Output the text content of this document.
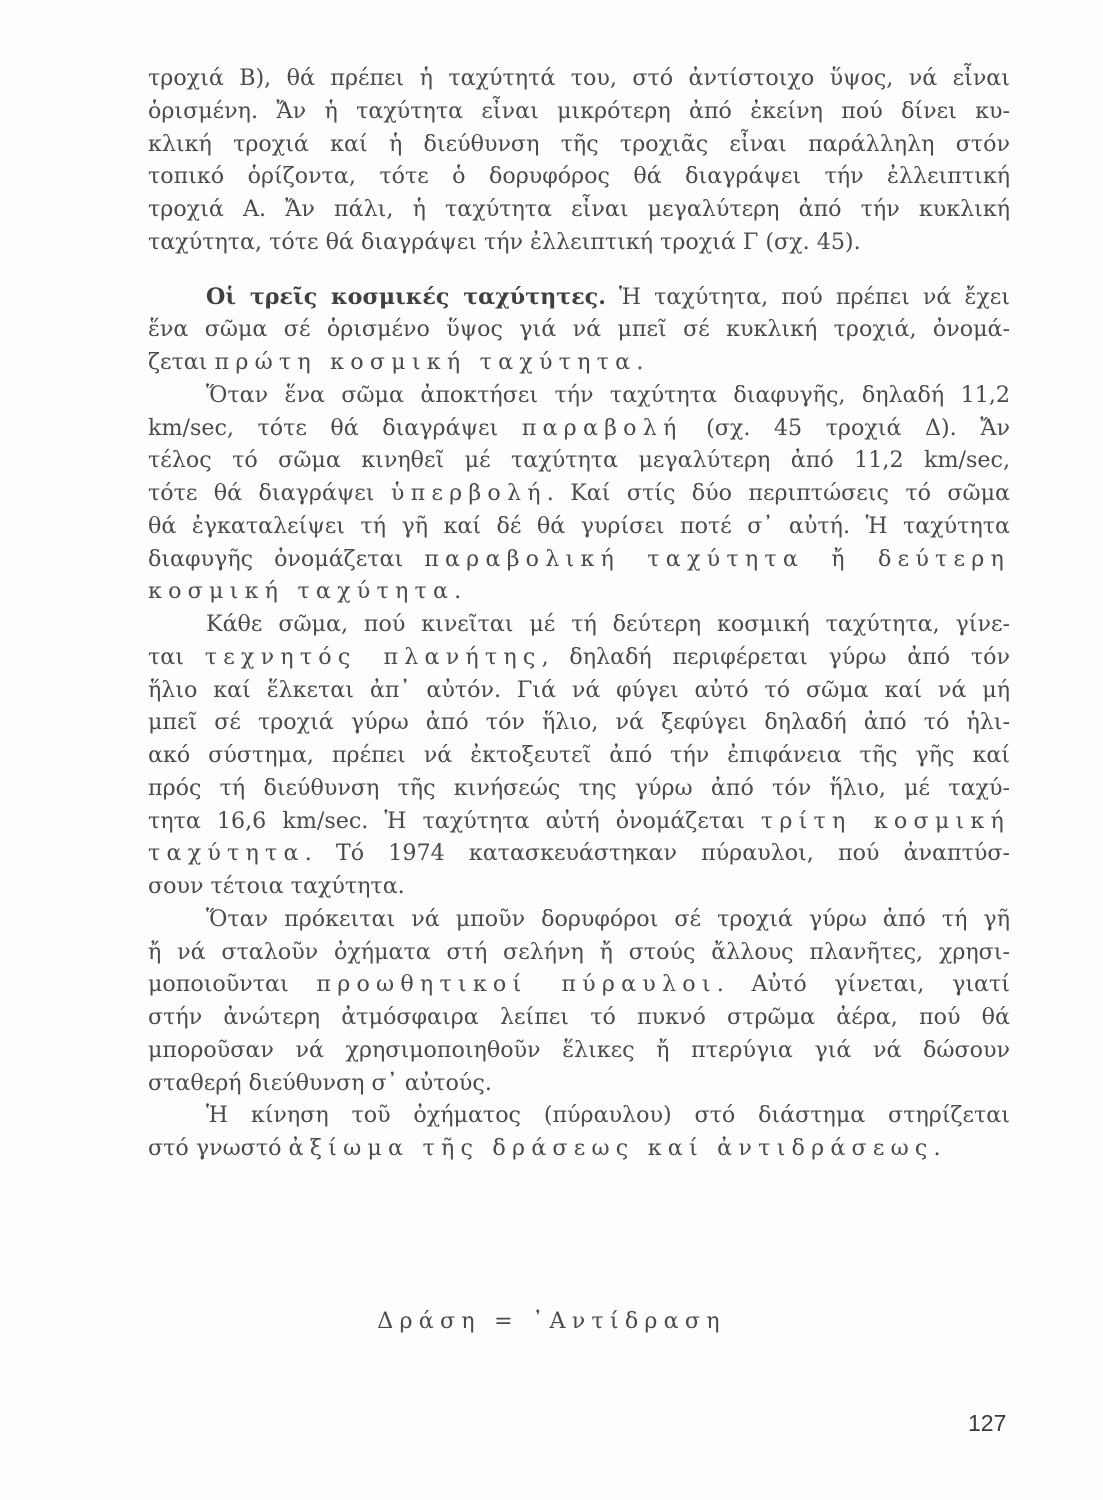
τροχιά Β), θά πρέπει ἡ ταχύτητά του, στό ἀντίστοιχο ὕψος, νά εἶναι
ὁρισμένη. Ἄν ἡ ταχύτητα εἶναι μικρότερη ἀπό ἐκείνη πού δίνει κυ-
κλική τροχιά καί ἡ διεύθυνση τῆς τροχιᾶς εἶναι παράλληλη στόν
τοπικό ὁρίζοντα, τότε ὁ δορυφόρος θά διαγράψει τήν ἐλλειπτική
τροχιά Α. Ἄν πάλι, ἡ ταχύτητα εἶναι μεγαλύτερη ἀπό τήν κυκλική
ταχύτητα, τότε θά διαγράψει τήν ἐλλειπτική τροχιά Γ (σχ. 45).
Οἱ τρεῖς κοσμικές ταχύτητες. Ἡ ταχύτητα, πού πρέπει νά ἔχει
ἕνα σῶμα σέ ὁρισμένο ὕψος γιά νά μπεῖ σέ κυκλική τροχιά, ὀνομά-
ζεται πρώτη κοσμική ταχύτητα.
Ὅταν ἕνα σῶμα ἀποκτήσει τήν ταχύτητα διαφυγῆς, δηλαδή 11,2
km/sec, τότε θά διαγράψει παραβολή (σχ. 45 τροχιά Δ). Ἄν
τέλος τό σῶμα κινηθεῖ μέ ταχύτητα μεγαλύτερη ἀπό 11,2 km/sec,
τότε θά διαγράψει ὑπερβολή. Καί στίς δύο περιπτώσεις τό σῶμα
θά ἐγκαταλείψει τή γῆ καί δέ θά γυρίσει ποτέ σ᾽ αὐτή. Ἡ ταχύτητα
διαφυγῆς ὀνομάζεται παραβολική ταχύτητα ἤ δεύτερη
κοσμική ταχύτητα.
Κάθε σῶμα, πού κινεῖται μέ τή δεύτερη κοσμική ταχύτητα, γίνε-
ται τεχνητός πλανήτης, δηλαδή περιφέρεται γύρω ἀπό τόν
ἥλιο καί ἕλκεται ἀπ᾽ αὐτόν. Γιά νά φύγει αὐτό τό σῶμα καί νά μή
μπεῖ σέ τροχιά γύρω ἀπό τόν ἥλιο, νά ξεφύγει δηλαδή ἀπό τό ἡλι-
ακό σύστημα, πρέπει νά ἐκτοξευτεῖ ἀπό τήν ἐπιφάνεια τῆς γῆς καί
πρός τή διεύθυνση τῆς κινήσεώς της γύρω ἀπό τόν ἥλιο, μέ ταχύ-
τητα 16,6 km/sec. Ἡ ταχύτητα αὐτή ὀνομάζεται τρίτη κοσμική
ταχύτητα. Τό 1974 κατασκευάστηκαν πύραυλοι, πού ἀναπτύσ-
σουν τέτοια ταχύτητα.
Ὅταν πρόκειται νά μποῦν δορυφόροι σέ τροχιά γύρω ἀπό τή γῆ
ἤ νά σταλοῦν ὀχήματα στή σελήνη ἤ στούς ἄλλους πλανῆτες, χρησι-
μοποιοῦνται προωθητικοί πύραυλοι. Αὐτό γίνεται, γιατί
στήν ἀνώτερη ἀτμόσφαιρα λείπει τό πυκνό στρῶμα ἀέρα, πού θά
μποροῦσαν νά χρησιμοποιηθοῦν ἕλικες ἤ πτερύγια γιά νά δώσουν
σταθερή διεύθυνση σ᾽ αὐτούς.
Ἡ κίνηση τοῦ ὀχήματος (πύραυλου) στό διάστημα στηρίζεται
στό γνωστό ἀξίωμα τῆς δράσεως καί ἀντιδράσεως.
Δράση = ᾿Αντίδραση
127
